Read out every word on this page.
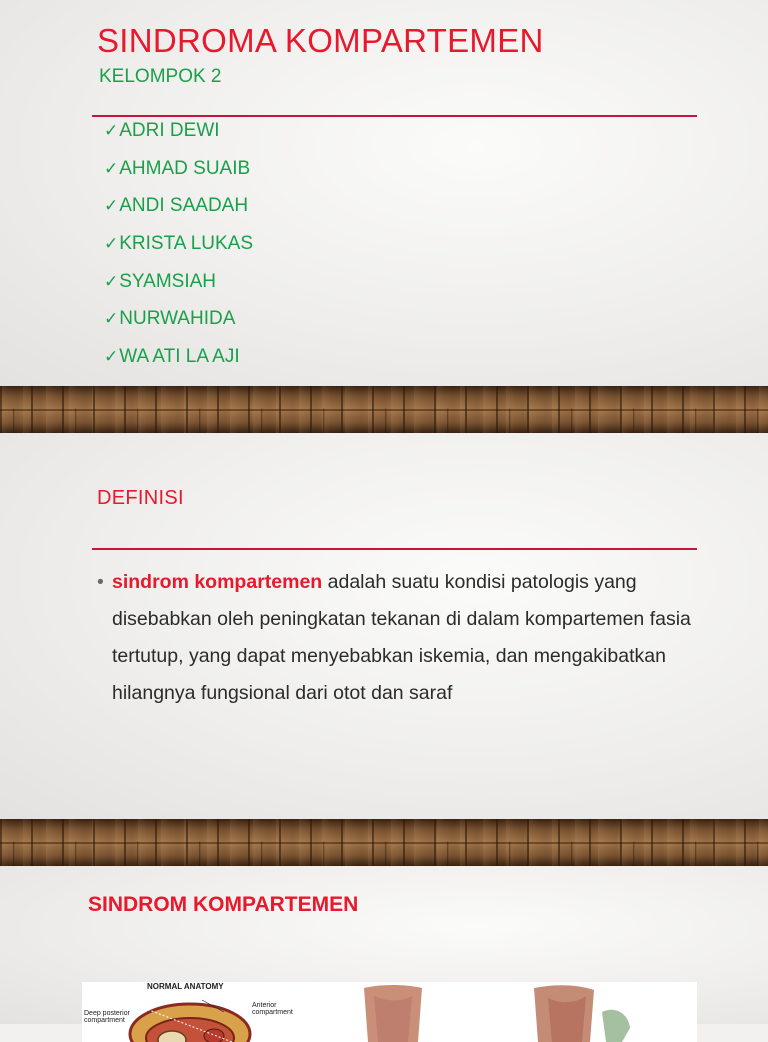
SINDROMA KOMPARTEMEN
KELOMPOK 2
✓ ADRI DEWI
✓ AHMAD SUAIB
✓ ANDI SAADAH
✓ KRISTA LUKAS
✓ SYAMSIAH
✓ NURWAHIDA
✓ WA ATI LA AJI
DEFINISI
• sindrom kompartemen adalah suatu kondisi patologis yang disebabkan oleh peningkatan tekanan di dalam kompartemen fasia tertutup, yang dapat menyebabkan iskemia, dan mengakibatkan hilangnya fungsional dari otot dan saraf
SINDROM KOMPARTEMEN
NORMAL ANATOMY
Deep posterior compartment
Anterior compartment
